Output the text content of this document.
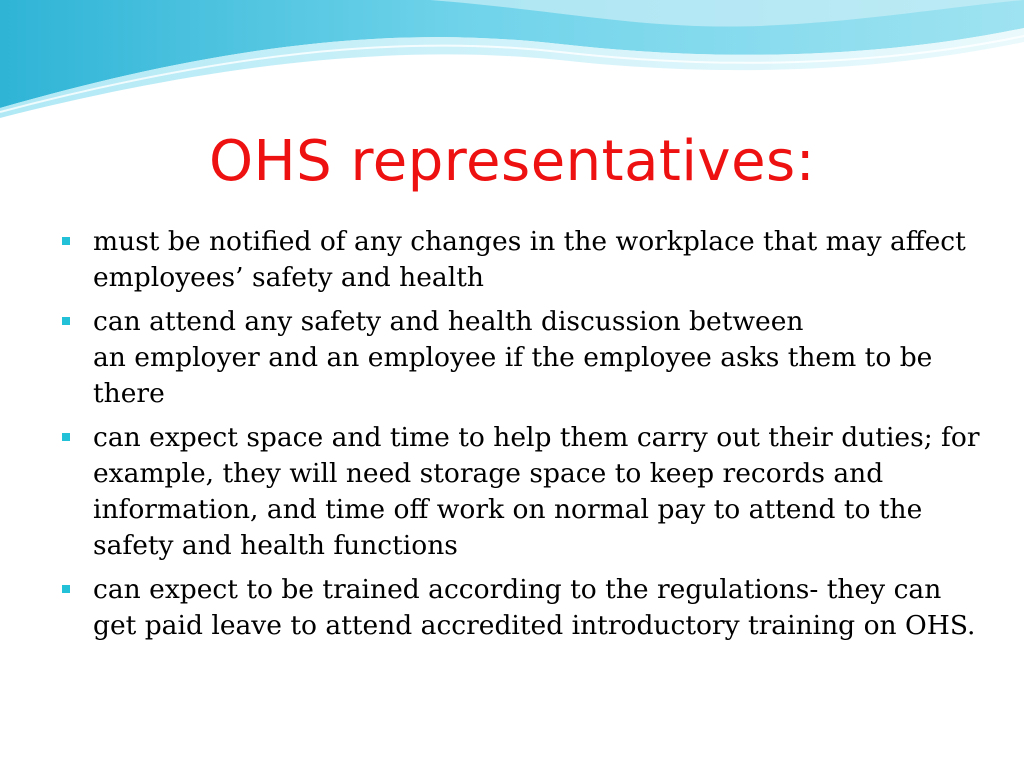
OHS representatives:
must be notified of any changes in the workplace that may affect employees’ safety and health
can attend any safety and health discussion between
an employer and an employee if the employee asks them to be there
can expect space and time to help them carry out their duties; for example, they will need storage space to keep records and information, and time off work on normal pay to attend to the safety and health functions
can expect to be trained according to the regulations- they can get paid leave to attend accredited introductory training on OHS.
